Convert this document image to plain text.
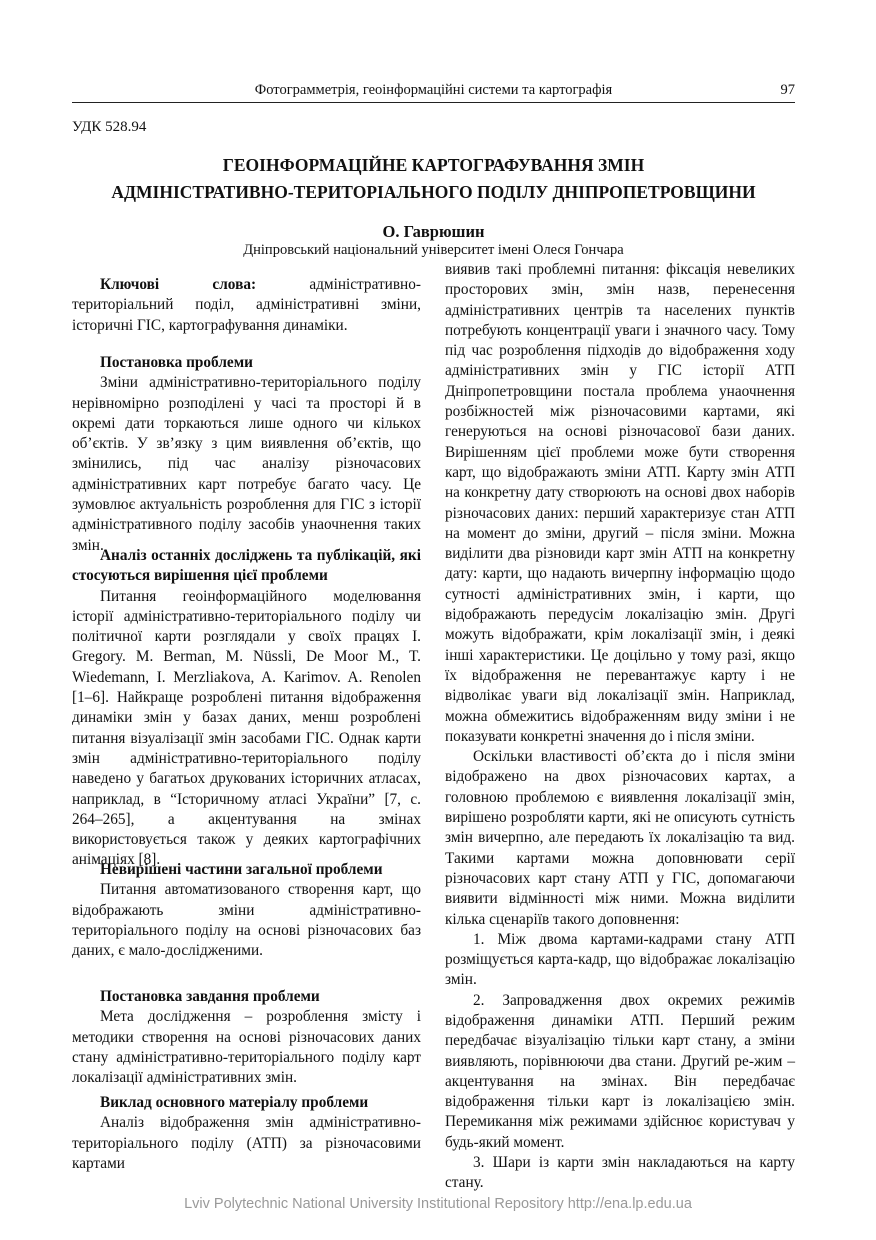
Фотограмметрія, геоінформаційні системи та картографія	97
УДК 528.94
ГЕОІНФОРМАЦІЙНЕ КАРТОГРАФУВАННЯ ЗМІН
АДМІНІСТРАТИВНО-ТЕРИТОРІАЛЬНОГО ПОДІЛУ ДНІПРОПЕТРОВЩИНИ
О. Гаврюшин
Дніпровський національний університет імені Олеся Гончара

Ключові слова: адміністративно-територіальний поділ, адміністративні зміни, історичні ГІС, картографування динаміки.

Постановка проблеми

Зміни адміністративно-територіального поділу нерівномірно розподілені у часі та просторі й в окремі дати торкаються лише одного чи кількох об’єктів. У зв’язку з цим виявлення об’єктів, що змінились, під час аналізу різночасових адміністративних карт потребує багато часу. Це зумовлює актуальність розроблення для ГІС з історії адміністративного поділу засобів унаочнення таких змін.

Аналіз останніх досліджень та публікацій, які стосуються вирішення цієї проблеми

Питання геоінформаційного моделювання історії адміністративно-територіального поділу чи політичної карти розглядали у своїх працях I. Gregory. M. Berman, M. Nüssli, De Moor M., T. Wiedemann, I. Merzliakova, A. Karimov. A. Renolen [1–6]. Найкраще розроблені питання відображення динаміки змін у базах даних, менш розроблені питання візуалізації змін засобами ГІС. Однак карти змін адміністративно-територіального поділу наведено у багатьох друкованих історичних атласах, наприклад, в “Історичному атласі України” [7, с. 264–265], а акцентування на змінах використовується також у деяких картографічних анімаціях [8].

Невирішені частини загальної проблеми

Питання автоматизованого створення карт, що відображають зміни адміністративно-територіального поділу на основі різночасових баз даних, є мало-дослідженими.

Постановка завдання проблеми

Мета дослідження – розроблення змісту і методики створення на основі різночасових даних стану адміністративно-територіального поділу карт локалізації адміністративних змін.

Виклад основного матеріалу проблеми

Аналіз відображення змін адміністративно-територіального поділу (АТП) за різночасовими картами

виявив такі проблемні питання: фіксація невеликих просторових змін, змін назв, перенесення адміністративних центрів та населених пунктів потребують концентрації уваги і значного часу. Тому під час розроблення підходів до відображення ходу адміністративних змін у ГІС історії АТП Дніпропетровщини постала проблема унаочнення розбіжностей між різночасовими картами, які генеруються на основі різночасової бази даних. Вирішенням цієї проблеми може бути створення карт, що відображають зміни АТП. Карту змін АТП на конкретну дату створюють на основі двох наборів різночасових даних: перший характеризує стан АТП на момент до зміни, другий – після зміни. Можна виділити два різновиди карт змін АТП на конкретну дату: карти, що надають вичерпну інформацію щодо сутності адміністративних змін, і карти, що відображають передусім локалізацію змін. Другі можуть відображати, крім локалізації змін, і деякі інші характеристики. Це доцільно у тому разі, якщо їх відображення не перевантажує карту і не відволікає уваги від локалізації змін. Наприклад, можна обмежитись відображенням виду зміни і не показувати конкретні значення до і після зміни.

Оскільки властивості об’єкта до і після зміни відображено на двох різночасових картах, а головною проблемою є виявлення локалізації змін, вирішено розробляти карти, які не описують сутність змін вичерпно, але передають їх локалізацію та вид. Такими картами можна доповнювати серії різночасових карт стану АТП у ГІС, допомагаючи виявити відмінності між ними. Можна виділити кілька сценаріїв такого доповнення:

1. Між двома картами-кадрами стану АТП розміщується карта-кадр, що відображає локалізацію змін.

2. Запровадження двох окремих режимів відображення динаміки АТП. Перший режим передбачає візуалізацію тільки карт стану, а зміни виявляють, порівнюючи два стани. Другий ре-жим – акцентування на змінах. Він передбачає відображення тільки карт із локалізацією змін. Перемикання між режимами здійснює користувач у будь-який момент.

3. Шари із карти змін накладаються на карту стану.

Lviv Polytechnic National University Institutional Repository http://ena.lp.edu.ua
